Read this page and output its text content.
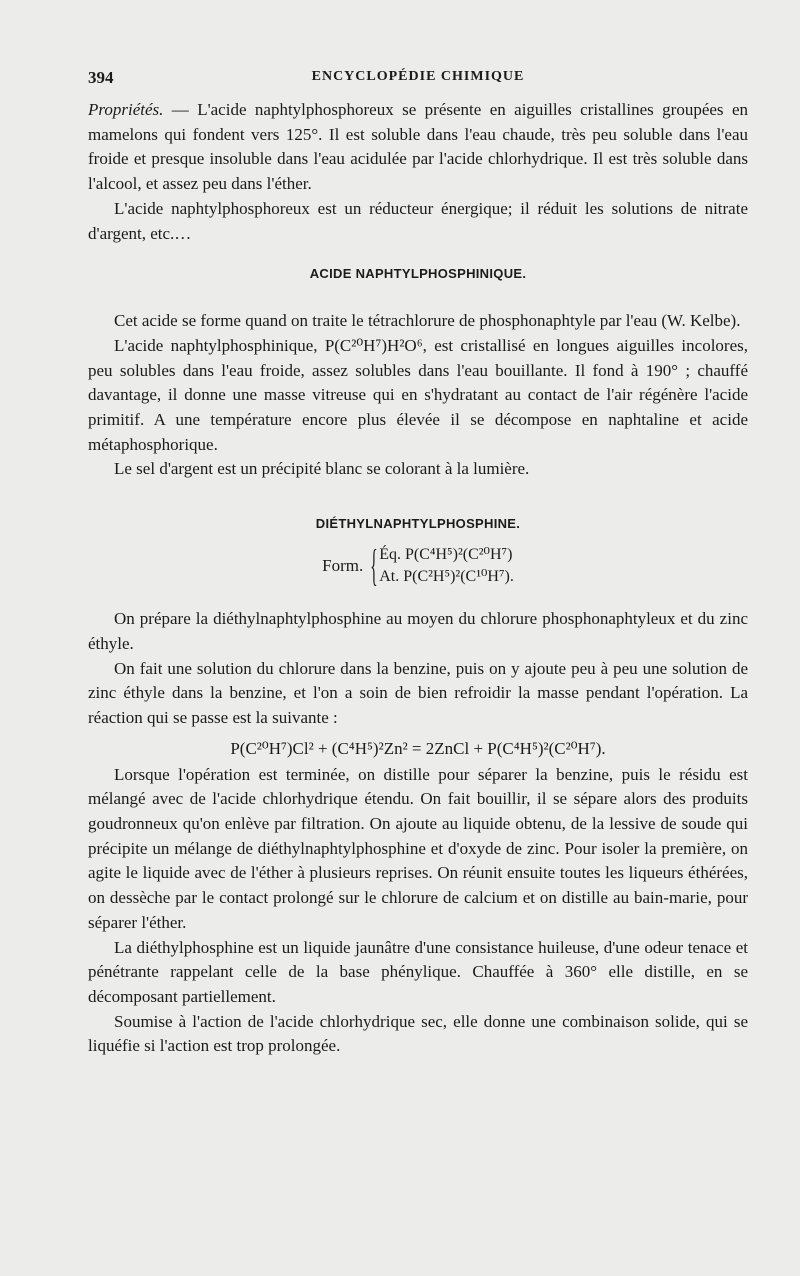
394	ENCYCLOPÉDIE CHIMIQUE

Propriétés. — L'acide naphtylphosphoreux se présente en aiguilles cristallines groupées en mamelons qui fondent vers 125°. Il est soluble dans l'eau chaude, très peu soluble dans l'eau froide et presque insoluble dans l'eau acidulée par l'acide chlorhydrique. Il est très soluble dans l'alcool, et assez peu dans l'éther.

L'acide naphtylphosphoreux est un réducteur énergique; il réduit les solutions de nitrate d'argent, etc.…

ACIDE NAPHTYLPHOSPHINIQUE.

Cet acide se forme quand on traite le tétrachlorure de phosphonaphtyle par l'eau (W. Kelbe).

L'acide naphtylphosphinique, P(C²⁰H⁷)H²O⁶, est cristallisé en longues aiguilles incolores, peu solubles dans l'eau froide, assez solubles dans l'eau bouillante. Il fond à 190° ; chauffé davantage, il donne une masse vitreuse qui en s'hydratant au contact de l'air régénère l'acide primitif. A une température encore plus élevée il se décompose en naphtaline et acide métaphosphorique.

Le sel d'argent est un précipité blanc se colorant à la lumière.

DIÉTHYLNAPHTYLPHOSPHINE.
Form. { Éq. P(C⁴H⁵)²(C²⁰H⁷)
At. P(C²H⁵)²(C¹⁰H⁷).

On prépare la diéthylnaphtylphosphine au moyen du chlorure phosphonaphtyleux et du zinc éthyle.

On fait une solution du chlorure dans la benzine, puis on y ajoute peu à peu une solution de zinc éthyle dans la benzine, et l'on a soin de bien refroidir la masse pendant l'opération. La réaction qui se passe est la suivante :

P(C²⁰H⁷)Cl² + (C⁴H⁵)²Zn² = 2ZnCl + P(C⁴H⁵)²(C²⁰H⁷).

Lorsque l'opération est terminée, on distille pour séparer la benzine, puis le résidu est mélangé avec de l'acide chlorhydrique étendu. On fait bouillir, il se sépare alors des produits goudronneux qu'on enlève par filtration. On ajoute au liquide obtenu, de la lessive de soude qui précipite un mélange de diéthylnaphtylphosphine et d'oxyde de zinc. Pour isoler la première, on agite le liquide avec de l'éther à plusieurs reprises. On réunit ensuite toutes les liqueurs éthérées, on dessèche par le contact prolongé sur le chlorure de calcium et on distille au bain-marie, pour séparer l'éther.

La diéthylphosphine est un liquide jaunâtre d'une consistance huileuse, d'une odeur tenace et pénétrante rappelant celle de la base phénylique. Chauffée à 360° elle distille, en se décomposant partiellement.

Soumise à l'action de l'acide chlorhydrique sec, elle donne une combinaison solide, qui se liquéfie si l'action est trop prolongée.
